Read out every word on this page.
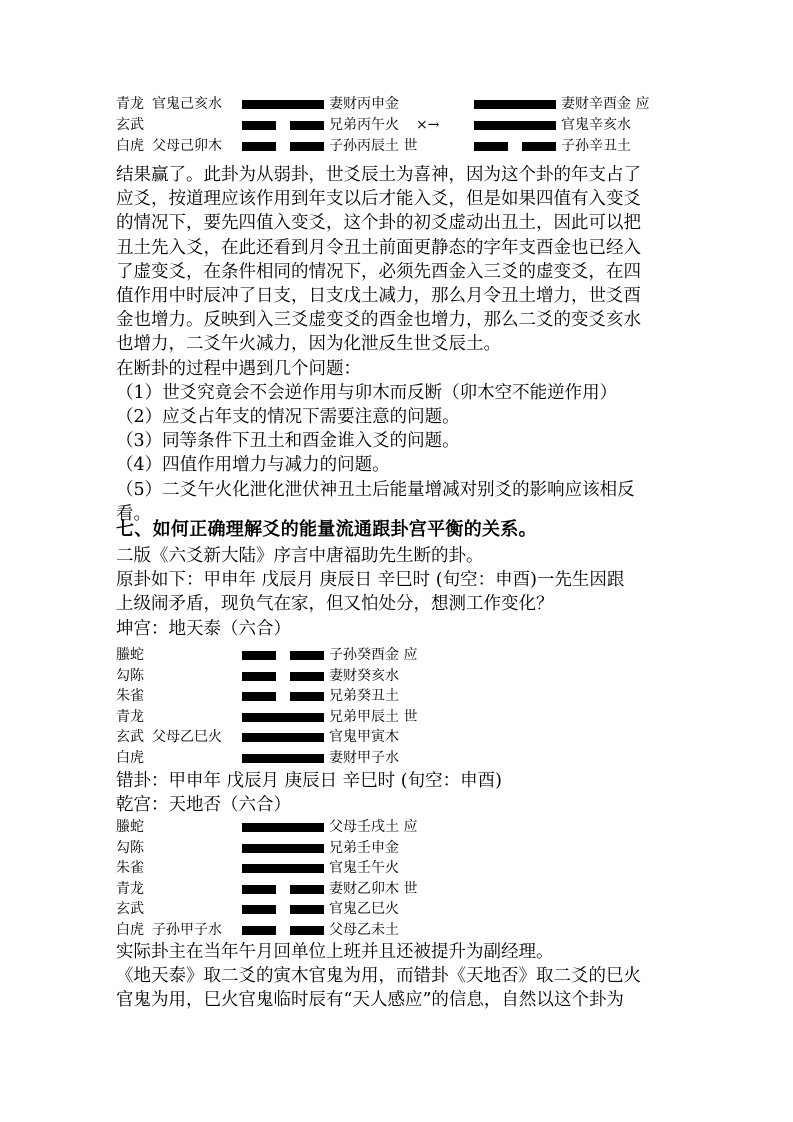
青龙 官鬼己亥水	妻财丙申金	妻财辛酉金 应
玄武	兄弟丙午火 ×→	官鬼辛亥水
白虎 父母己卯木	子孙丙辰土 世	子孙辛丑土
结果赢了。此卦为从弱卦，世爻辰土为喜神，因为这个卦的年支占了
应爻，按道理应该作用到年支以后才能入爻，但是如果四值有入变爻
的情况下，要先四值入变爻，这个卦的初爻虚动出丑土，因此可以把
丑土先入爻，在此还看到月令丑土前面更静态的字年支酉金也已经入
了虚变爻，在条件相同的情况下，必须先酉金入三爻的虚变爻，在四
值作用中时辰冲了日支，日支戊土减力，那么月令丑土增力，世爻酉
金也增力。反映到入三爻虚变爻的酉金也增力，那么二爻的变爻亥水
也增力，二爻午火减力，因为化泄反生世爻辰土。
在断卦的过程中遇到几个问题：
（1）世爻究竟会不会逆作用与卯木而反断（卯木空不能逆作用）
（2）应爻占年支的情况下需要注意的问题。
（3）同等条件下丑土和酉金谁入爻的问题。
（4）四值作用增力与减力的问题。
（5）二爻午火化泄化泄伏神丑土后能量增减对别爻的影响应该相反
看。
七、如何正确理解爻的能量流通跟卦宫平衡的关系。
二版《六爻新大陆》序言中唐福助先生断的卦。
原卦如下：甲申年 戊辰月 庚辰日 辛巳时 (旬空：申酉)一先生因跟
上级闹矛盾，现负气在家，但又怕处分，想测工作变化？
坤宫：地天泰（六合）
螣蛇	子孙癸酉金 应
勾陈	妻财癸亥水
朱雀	兄弟癸丑土
青龙	兄弟甲辰土 世
玄武 父母乙巳火	官鬼甲寅木
白虎	妻财甲子水
错卦：甲申年 戊辰月 庚辰日 辛巳时 (旬空：申酉)
乾宫：天地否（六合）
螣蛇	父母壬戌土 应
勾陈	兄弟壬申金
朱雀	官鬼壬午火
青龙	妻财乙卯木 世
玄武	官鬼乙巳火
白虎 子孙甲子水	父母乙未土
实际卦主在当年午月回单位上班并且还被提升为副经理。
《地天泰》取二爻的寅木官鬼为用，而错卦《天地否》取二爻的巳火
官鬼为用，巳火官鬼临时辰有“天人感应”的信息，自然以这个卦为
